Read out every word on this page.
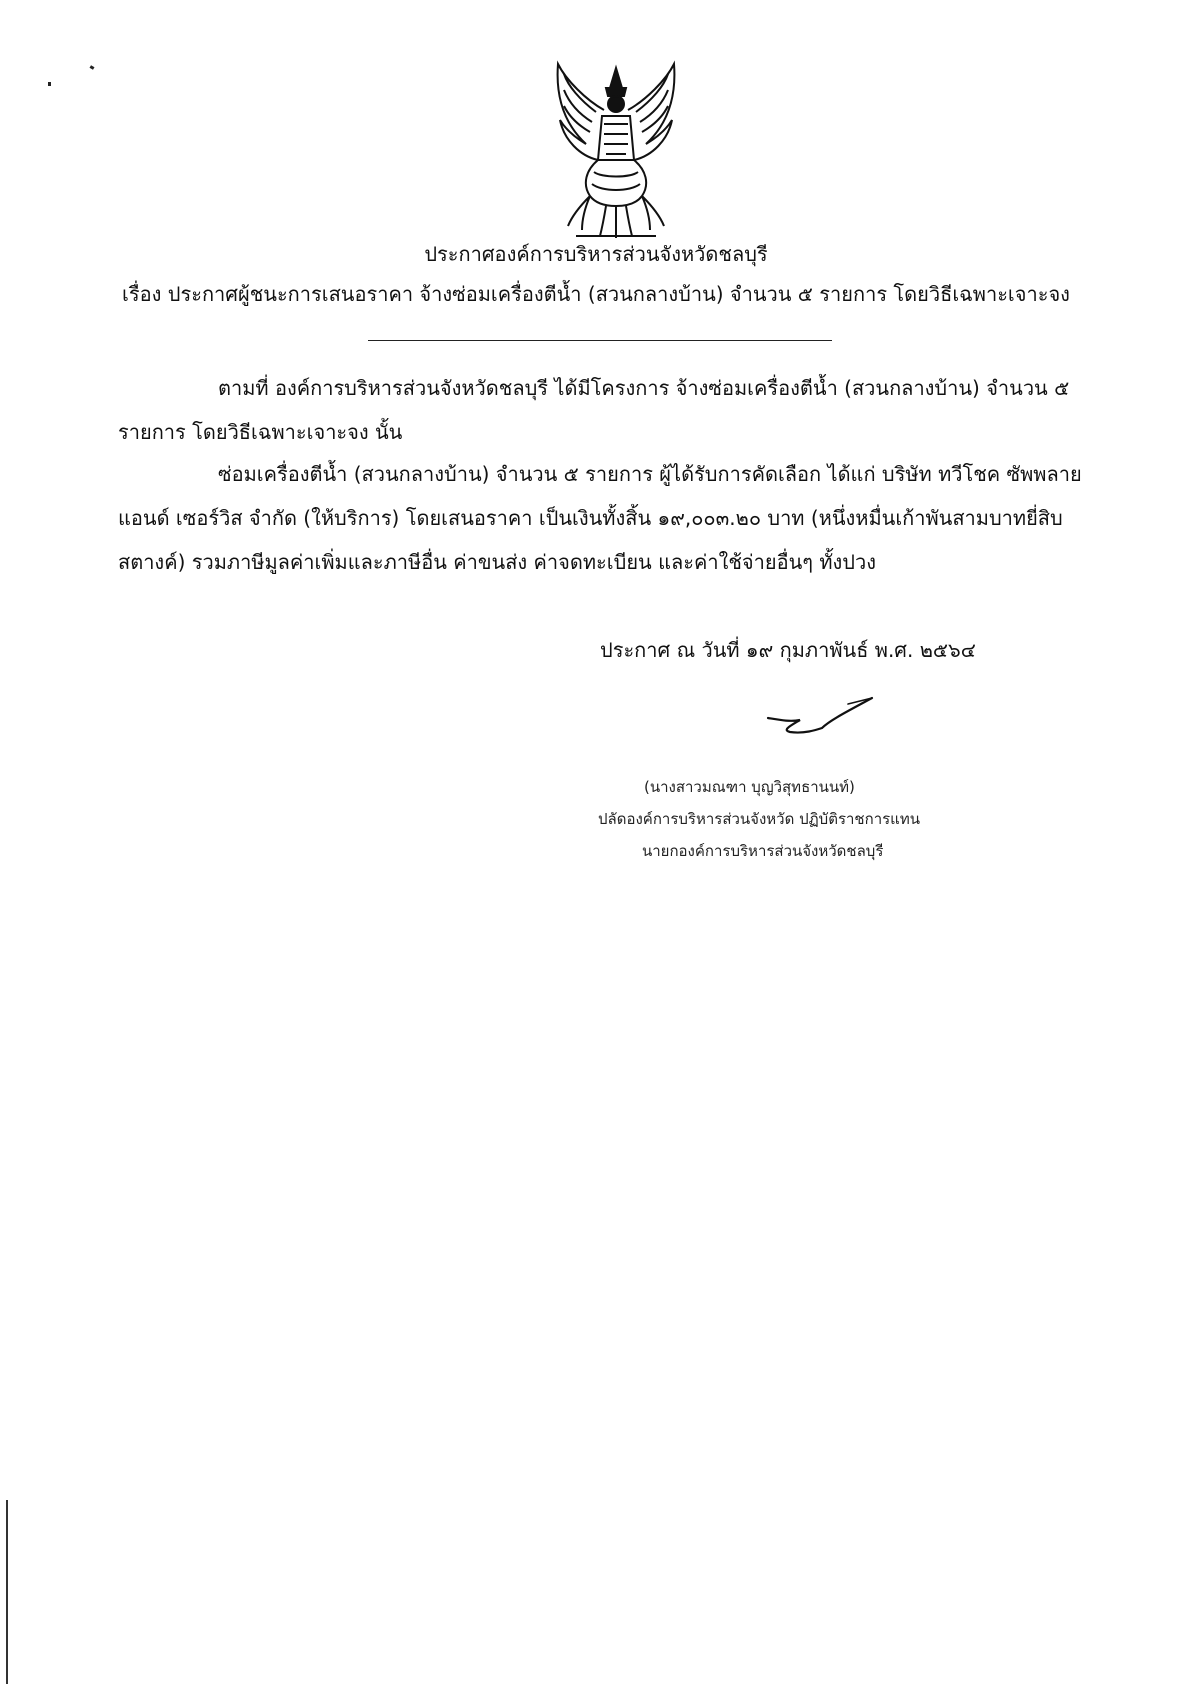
ประกาศองค์การบริหารส่วนจังหวัดชลบุรี
เรื่อง ประกาศผู้ชนะการเสนอราคา จ้างซ่อมเครื่องตีน้ำ (สวนกลางบ้าน) จำนวน ๕ รายการ โดยวิธีเฉพาะเจาะจง
ตามที่ องค์การบริหารส่วนจังหวัดชลบุรี ได้มีโครงการ จ้างซ่อมเครื่องตีน้ำ (สวนกลางบ้าน) จำนวน ๕
รายการ โดยวิธีเฉพาะเจาะจง นั้น
ซ่อมเครื่องตีน้ำ (สวนกลางบ้าน) จำนวน ๕ รายการ ผู้ได้รับการคัดเลือก ได้แก่ บริษัท ทวีโชค ซัพพลาย
แอนด์ เซอร์วิส จำกัด (ให้บริการ) โดยเสนอราคา เป็นเงินทั้งสิ้น ๑๙,๐๐๓.๒๐ บาท (หนึ่งหมื่นเก้าพันสามบาทยี่สิบ
สตางค์) รวมภาษีมูลค่าเพิ่มและภาษีอื่น ค่าขนส่ง ค่าจดทะเบียน และค่าใช้จ่ายอื่นๆ ทั้งปวง
ประกาศ ณ วันที่ ๑๙ กุมภาพันธ์ พ.ศ. ๒๕๖๔
(นางสาวมณฑา บุญวิสุทธานนท์)
ปลัดองค์การบริหารส่วนจังหวัด ปฏิบัติราชการแทน
นายกองค์การบริหารส่วนจังหวัดชลบุรี
